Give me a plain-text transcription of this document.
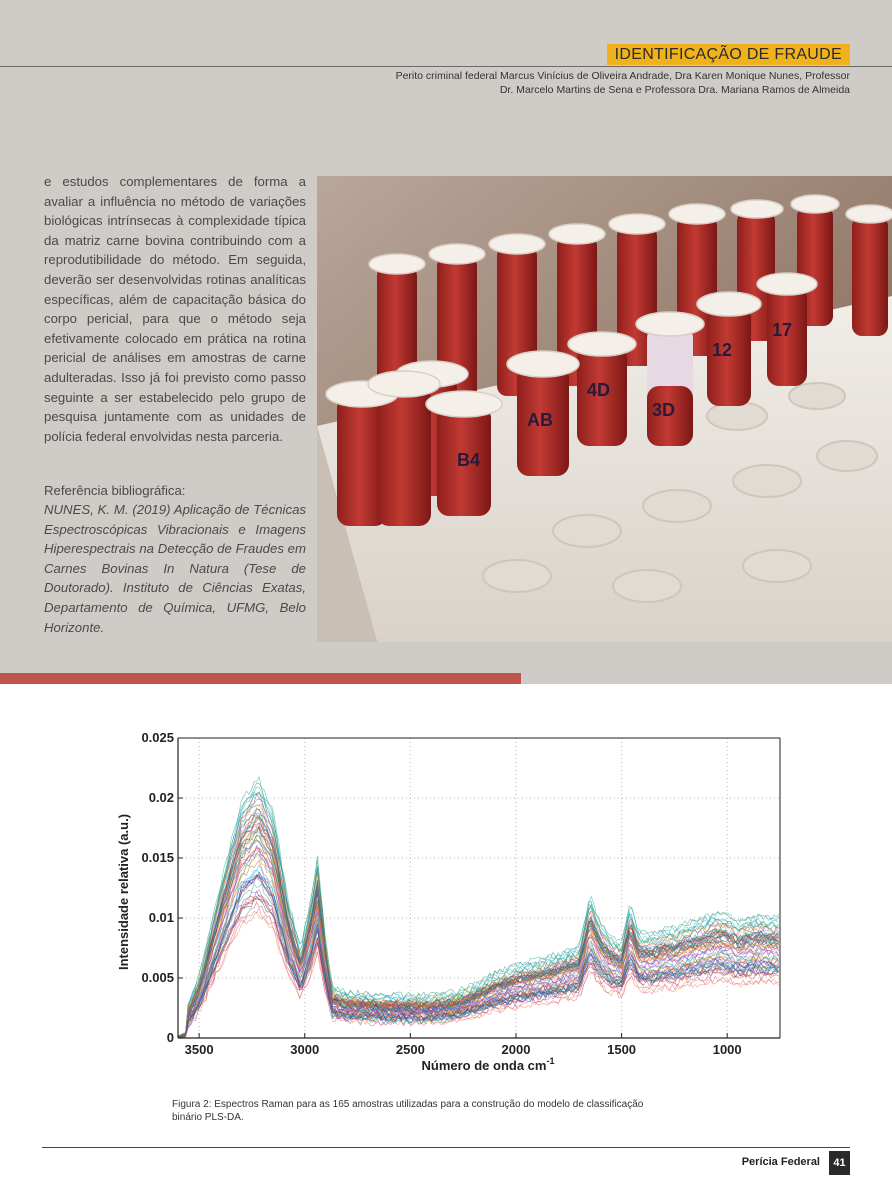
IDENTIFICAÇÃO DE FRAUDE
Perito criminal federal Marcus Vinícius de Oliveira Andrade, Dra Karen Monique Nunes, Professor
Dr. Marcelo Martins de Sena e Professora Dra. Mariana Ramos de Almeida
e estudos complementares de forma a avaliar a influência no método de variações biológicas intrínsecas à complexidade típica da matriz carne bovina contribuindo com a reprodutibilidade do método. Em seguida, deverão ser desenvolvidas rotinas analíticas específicas, além de capacitação básica do corpo pericial, para que o método seja efetivamente colocado em prática na rotina pericial de análises em amostras de carne adulteradas. Isso já foi previsto como passo seguinte a ser estabelecido pelo grupo de pesquisa juntamente com as unidades de polícia federal envolvidas nesta parceria.
Referência bibliográfica:
NUNES, K. M. (2019) Aplicação de Técnicas Espectroscópicas Vibracionais e Imagens Hiperespectrais na Detecção de Fraudes em Carnes Bovinas In Natura (Tese de Doutorado). Instituto de Ciências Exatas, Departamento de Química, UFMG, Belo Horizonte.
B4
AB	3D
4D
12
17
3500	3000	2500	2000	1500	1000
0
0.005
0.01
0.015
0.02
0.025
Intensidade relativa (a.u.)
Número de onda $cm^{-1}$
Figura 2: Espectros Raman para as 165 amostras utilizadas para a construção do modelo de classificação binário PLS-DA.
Perícia Federal	41
